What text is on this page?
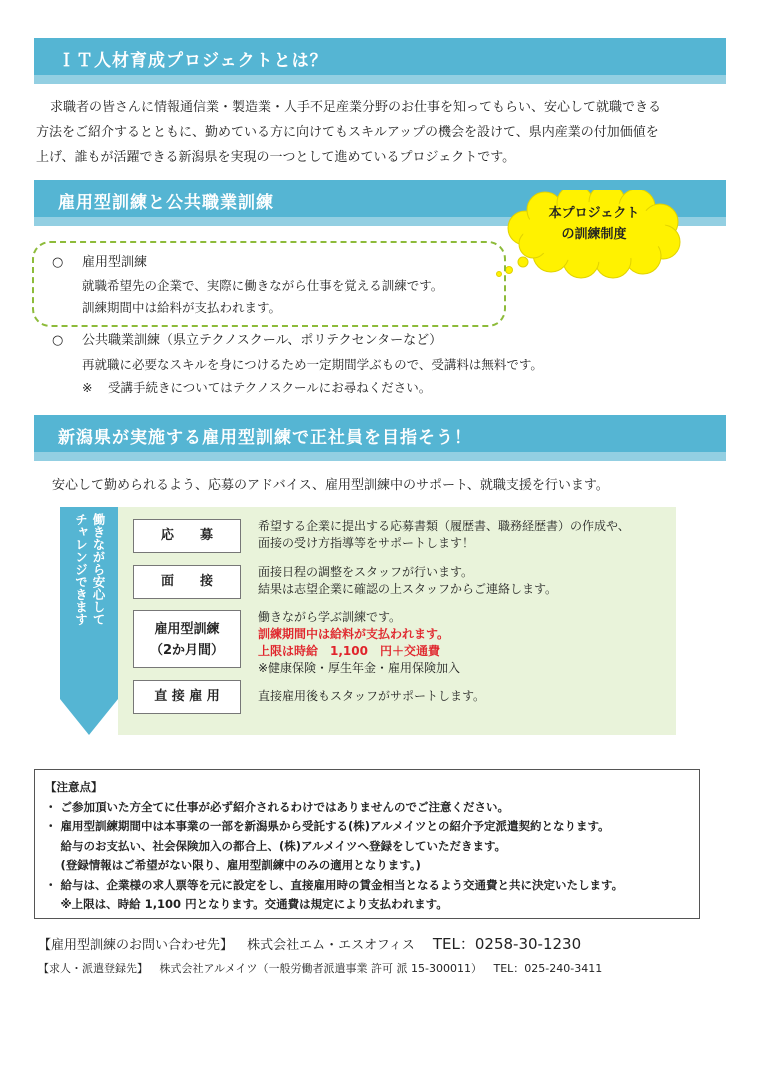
ＩＴ人材育成プロジェクトとは？

求職者の皆さんに情報通信業・製造業・人手不足産業分野のお仕事を知ってもらい、安心して就職できる

方法をご紹介するとともに、勤めている方に向けてもスキルアップの機会を設けて、県内産業の付加価値を

上げ、誰もが活躍できる新潟県を実現の一つとして進めているプロジェクトです。

雇用型訓練と公共職業訓練
本プロジェクト
の訓練制度
○ 雇用型訓練
就職希望先の企業で、実際に働きながら仕事を覚える訓練です。
訓練期間中は給料が支払われます。
○ 公共職業訓練（県立テクノスクール、ポリテクセンターなど）
再就職に必要なスキルを身につけるため一定期間学ぶもので、受講料は無料です。
※ 受講手続きについてはテクノスクールにお尋ねください。
新潟県が実施する雇用型訓練で正社員を目指そう！
安心して勤められるよう、応募のアドバイス、雇用型訓練中のサポート、就職支援を行います。
働きながら安心して
チャレンジできます	応　　募
希望する企業に提出する応募書類（履歴書、職務経歴書）の作成や、
面接の受け方指導等をサポートします！
面　　接
面接日程の調整をスタッフが行います。
結果は志望企業に確認の上スタッフからご連絡します。
雇用型訓練
（2か月間）
働きながら学ぶ訓練です。
訓練期間中は給料が支払われます。
上限は時給　1,100　円＋交通費
※健康保険・厚生年金・雇用保険加入
直 接 雇 用	直接雇用後もスタッフがサポートします。
【注意点】
・ ご参加頂いた方全てに仕事が必ず紹介されるわけではありませんのでご注意ください。
・ 雇用型訓練期間中は本事業の一部を新潟県から受託する(株)アルメイツとの紹介予定派遣契約となります。
　 給与のお支払い、社会保険加入の都合上、(株)アルメイツへ登録をしていただきます。
　 (登録情報はご希望がない限り、雇用型訓練中のみの適用となります。)
・ 給与は、企業様の求人票等を元に設定をし、直接雇用時の賃金相当となるよう交通費と共に決定いたします。
　 ※上限は、時給 1,100 円となります。交通費は規定により支払われます。
【雇用型訓練のお問い合わせ先】 株式会社エム・エスオフィス TEL：0258-30-1230
【求人・派遣登録先】 株式会社アルメイツ（一般労働者派遣事業 許可 派 15-300011） TEL：025-240-3411
